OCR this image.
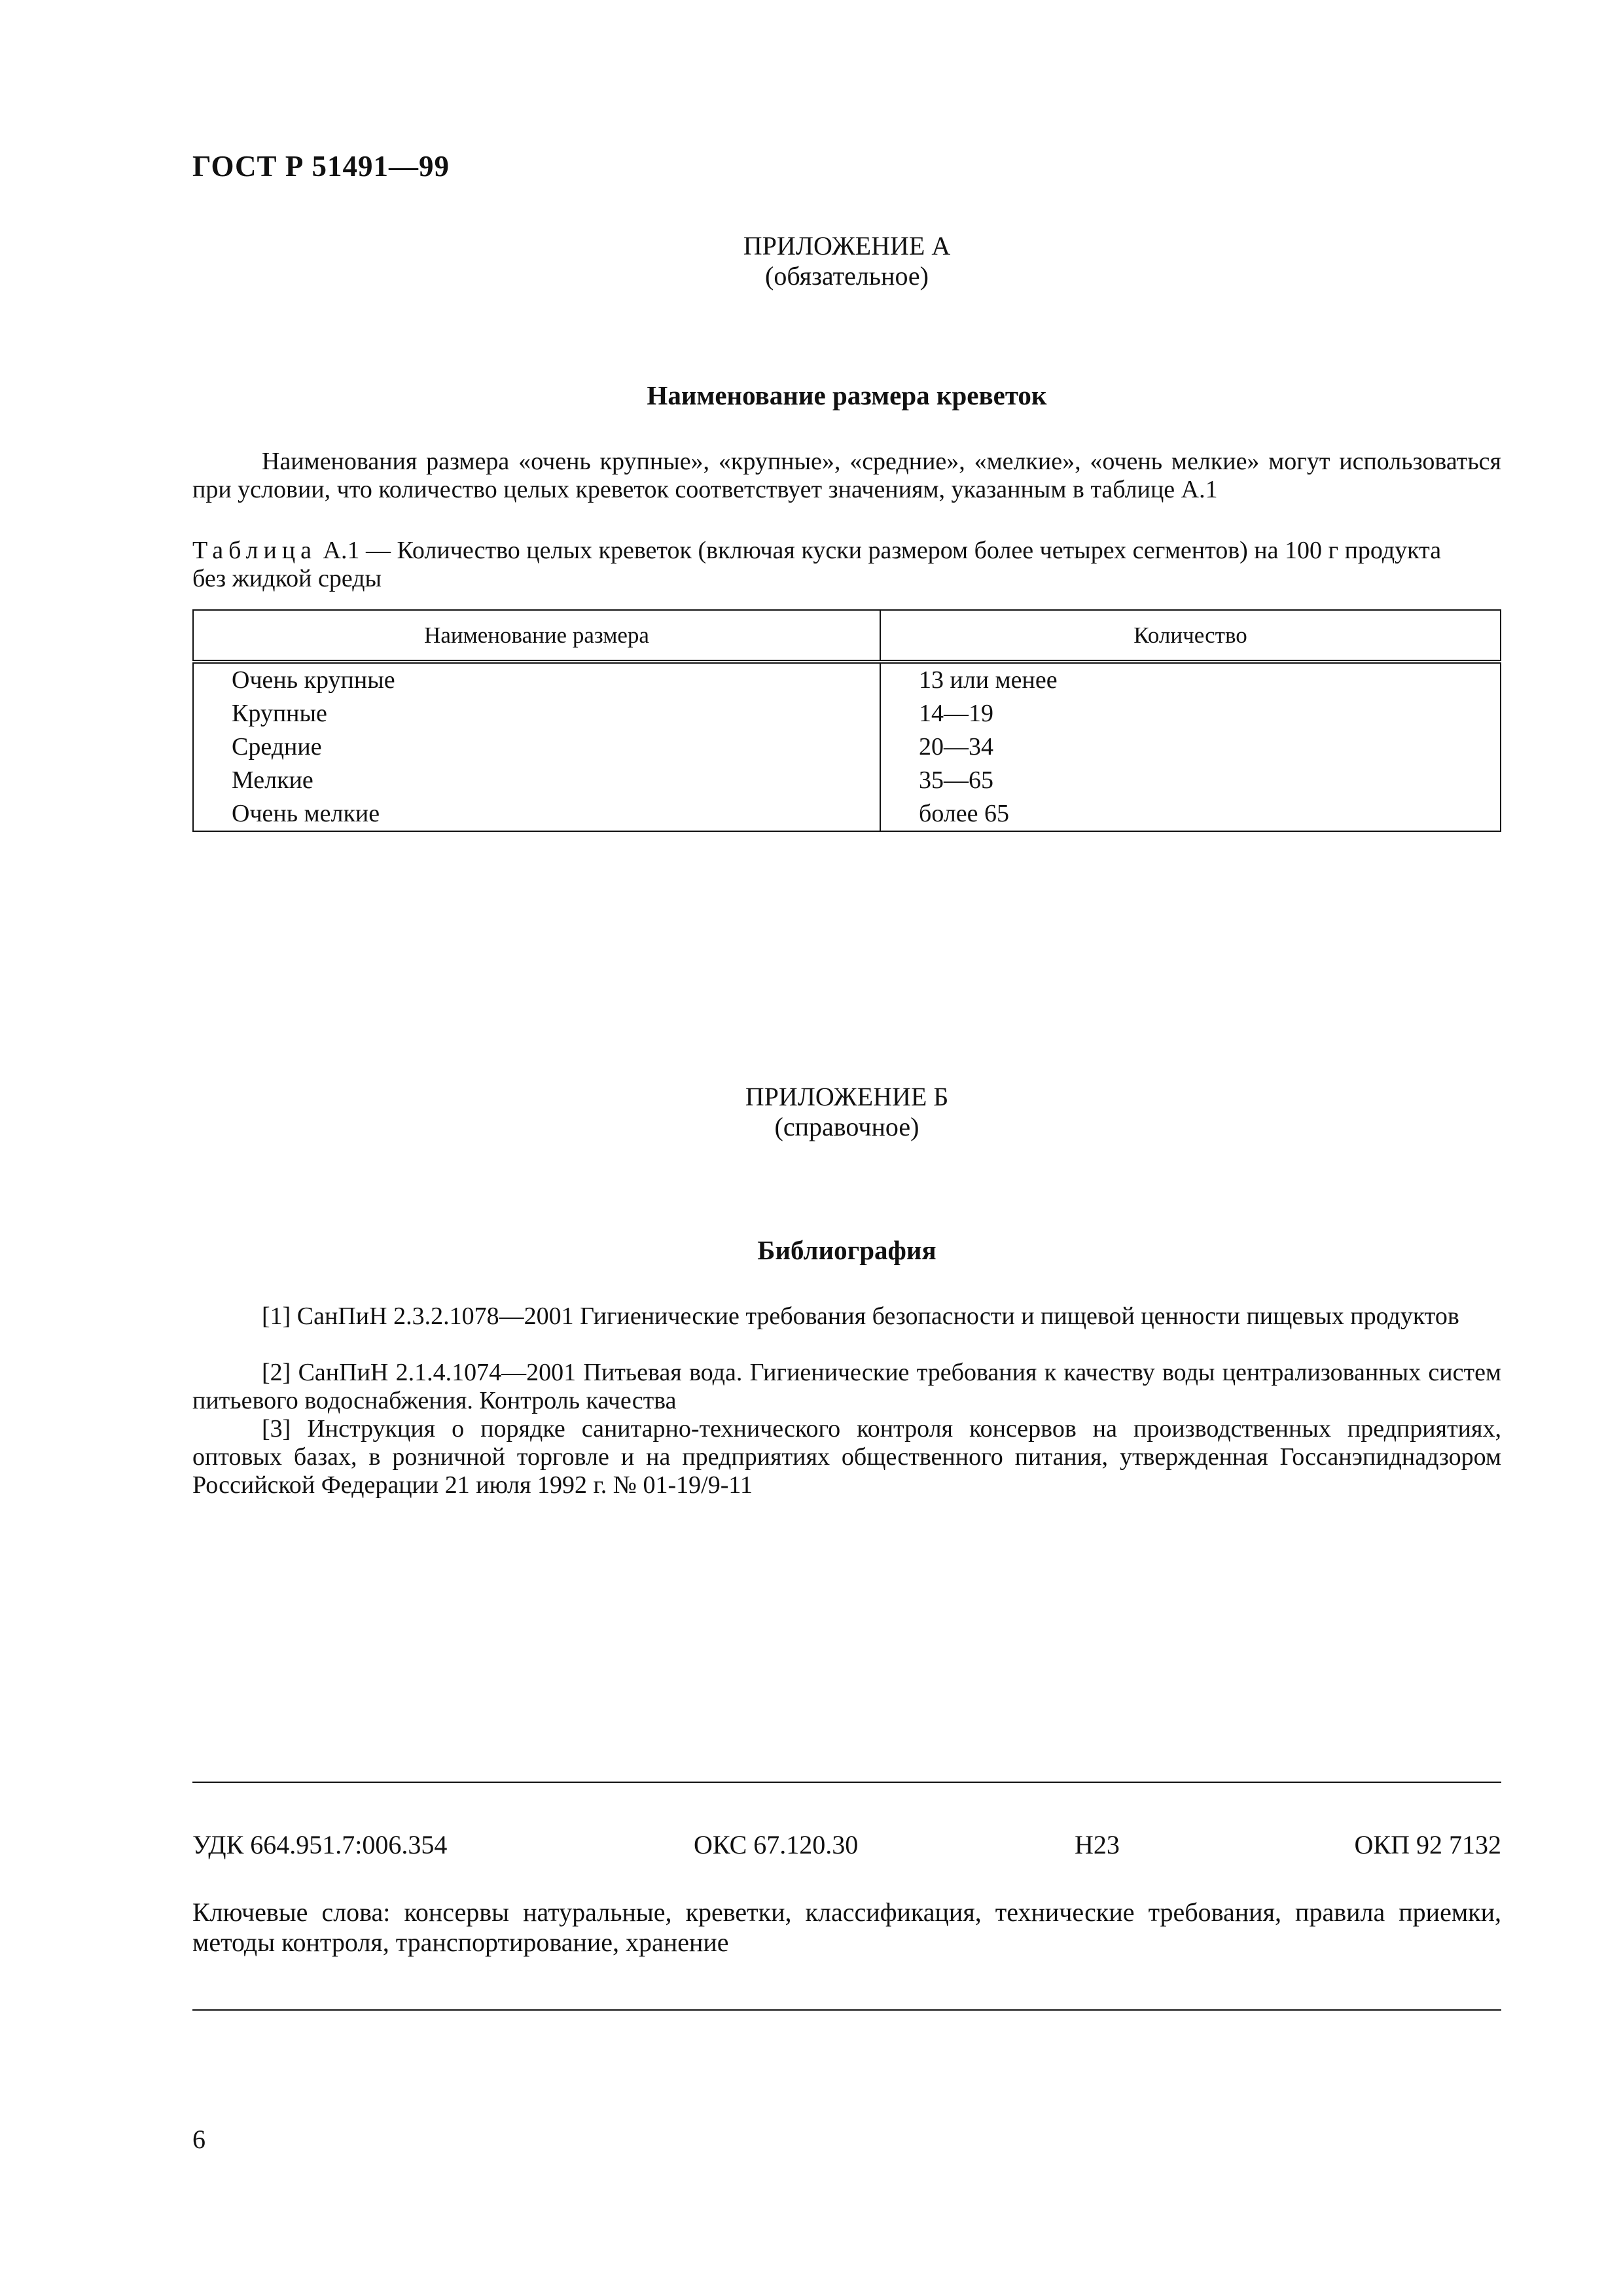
ГОСТ Р 51491—99
ПРИЛОЖЕНИЕ А
(обязательное)
Наименование размера креветок
Наименования размера «очень крупные», «крупные», «средние», «мелкие», «очень мелкие» могут использоваться при условии, что количество целых креветок соответствует значениям, указанным в таблице А.1
Таблица А.1 — Количество целых креветок (включая куски размером более четырех сегментов) на 100 г продукта без жидкой среды
Наименование размера	Количество
Очень крупные	13 или менее
Крупные	14—19
Средние	20—34
Мелкие	35—65
Очень мелкие	более 65
ПРИЛОЖЕНИЕ Б
(справочное)
Библиография
[1] СанПиН 2.3.2.1078—2001 Гигиенические требования безопасности и пищевой ценности пищевых продуктов
[2] СанПиН 2.1.4.1074—2001 Питьевая вода. Гигиенические требования к качеству воды централизованных систем питьевого водоснабжения. Контроль качества
[3] Инструкция о порядке санитарно-технического контроля консервов на производственных предприятиях, оптовых базах, в розничной торговле и на предприятиях общественного питания, утвержденная Госсанэпиднадзором Российской Федерации 21 июля 1992 г. № 01-19/9-11
УДК 664.951.7:006.354	ОКС 67.120.30	Н23	ОКП 92 7132
Ключевые слова: консервы натуральные, креветки, классификация, технические требования, правила приемки, методы контроля, транспортирование, хранение
6
